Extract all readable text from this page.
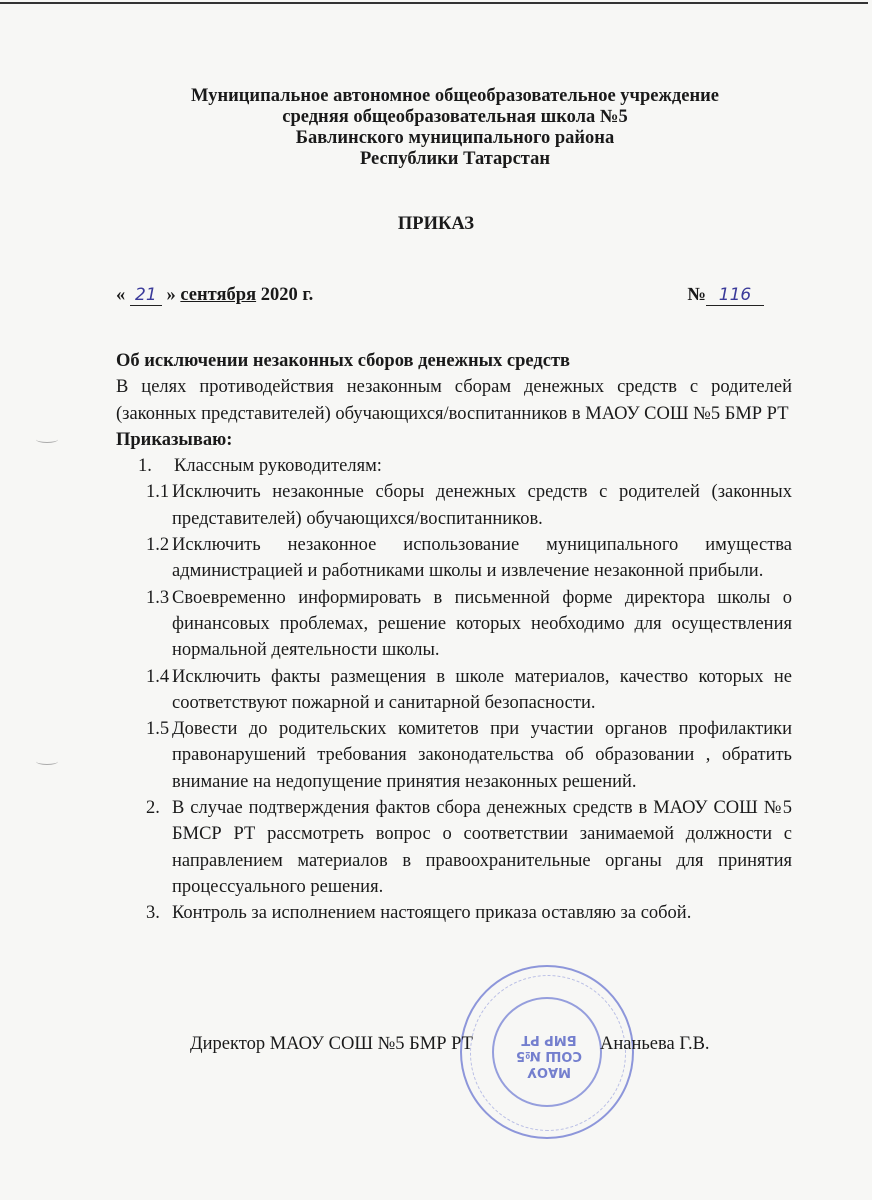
Муниципальное автономное общеобразовательное учреждение
средняя общеобразовательная школа №5
Бавлинского муниципального района
Республики Татарстан
ПРИКАЗ
« 21 » сентября 2020 г.	№ 116
Об исключении незаконных сборов денежных средств
В целях противодействия незаконным сборам денежных средств с родителей (законных представителей) обучающихся/воспитанников в МАОУ СОШ №5 БМР РТ
Приказываю:
1.	Классным руководителям:
1.1 Исключить незаконные сборы денежных средств с родителей (законных представителей) обучающихся/воспитанников.
1.2 Исключить незаконное использование муниципального имущества администрацией и работниками школы и извлечение незаконной прибыли.
1.3 Своевременно информировать в письменной форме директора школы о финансовых проблемах, решение которых необходимо для осуществления нормальной деятельности школы.
1.4 Исключить факты размещения в школе материалов, качество которых не соответствуют пожарной и санитарной безопасности.
1.5 Довести до родительских комитетов при участии органов профилактики правонарушений требования законодательства об образовании , обратить внимание на недопущение принятия незаконных решений.
2. В случае подтверждения фактов сбора денежных средств в МАОУ СОШ №5 БМСР РТ рассмотреть вопрос о соответствии занимаемой должности с направлением материалов в правоохранительные органы для принятия процессуального решения.
3. Контроль за исполнением настоящего приказа оставляю за собой.
МАОУ
СОШ №5
БМР РТ
Директор МАОУ СОШ №5 БМР РТ	Ананьева Г.В.
